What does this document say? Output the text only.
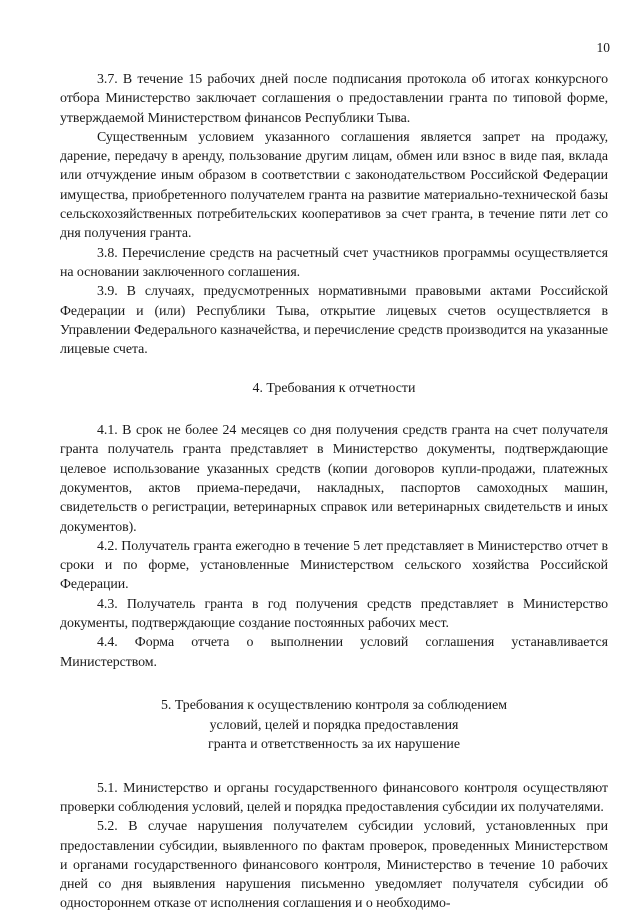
10

3.7. В течение 15 рабочих дней после подписания протокола об итогах конкурсного отбора Министерство заключает соглашения о предоставлении гранта по типовой форме, утверждаемой Министерством финансов Республики Тыва.

Существенным условием указанного соглашения является запрет на продажу, дарение, передачу в аренду, пользование другим лицам, обмен или взнос в виде пая, вклада или отчуждение иным образом в соответствии с законодательством Российской Федерации имущества, приобретенного получателем гранта на развитие материально-технической базы сельскохозяйственных потребительских кооперативов за счет гранта, в течение пяти лет со дня получения гранта.

3.8. Перечисление средств на расчетный счет участников программы осуществляется на основании заключенного соглашения.

3.9. В случаях, предусмотренных нормативными правовыми актами Российской Федерации и (или) Республики Тыва, открытие лицевых счетов осуществляется в Управлении Федерального казначейства, и перечисление средств производится на указанные лицевые счета.

4. Требования к отчетности

4.1. В срок не более 24 месяцев со дня получения средств гранта на счет получателя гранта получатель гранта представляет в Министерство документы, подтверждающие целевое использование указанных средств (копии договоров купли-продажи, платежных документов, актов приема-передачи, накладных, паспортов самоходных машин, свидетельств о регистрации, ветеринарных справок или ветеринарных свидетельств и иных документов).

4.2. Получатель гранта ежегодно в течение 5 лет представляет в Министерство отчет в сроки и по форме, установленные Министерством сельского хозяйства Российской Федерации.

4.3. Получатель гранта в год получения средств представляет в Министерство документы, подтверждающие создание постоянных рабочих мест.

4.4. Форма отчета о выполнении условий соглашения устанавливается Министерством.

5. Требования к осуществлению контроля за соблюдением
условий, целей и порядка предоставления
гранта и ответственность за их нарушение

5.1. Министерство и органы государственного финансового контроля осуществляют проверки соблюдения условий, целей и порядка предоставления субсидии их получателями.

5.2. В случае нарушения получателем субсидии условий, установленных при предоставлении субсидии, выявленного по фактам проверок, проведенных Министерством и органами государственного финансового контроля, Министерство в течение 10 рабочих дней со дня выявления нарушения письменно уведомляет получателя субсидии об одностороннем отказе от исполнения соглашения и о необходимо-
